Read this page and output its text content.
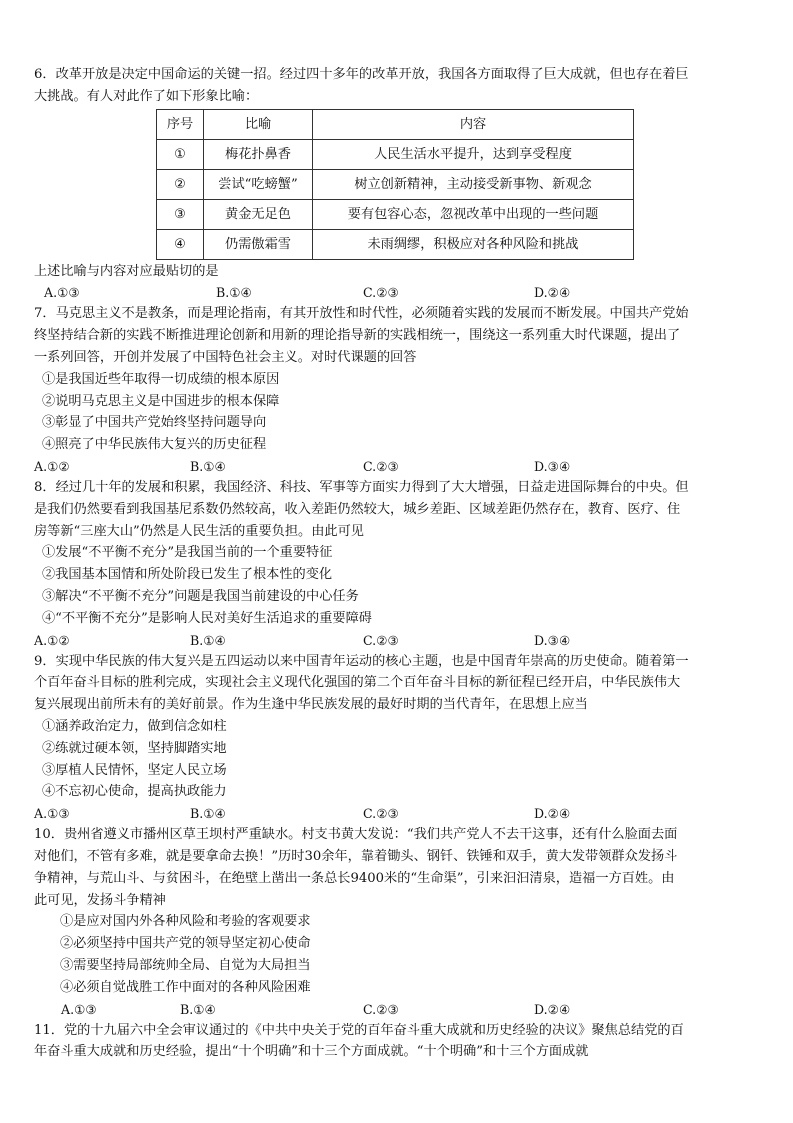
6．改革开放是决定中国命运的关键一招。经过四十多年的改革开放，我国各方面取得了巨大成就，但也存在着巨
大挑战。有人对此作了如下形象比喻：
序号	比喻	内容
①	梅花扑鼻香	人民生活水平提升，达到享受程度
②	尝试“吃螃蟹”	树立创新精神，主动接受新事物、新观念
③	黄金无足色	要有包容心态，忽视改革中出现的一些问题
④	仍需傲霜雪	未雨绸缪，积极应对各种风险和挑战
上述比喻与内容对应最贴切的是
A.①③	B.①④	C.②③	D.②④
7．马克思主义不是教条，而是理论指南，有其开放性和时代性，必须随着实践的发展而不断发展。中国共产党始
终坚持结合新的实践不断推进理论创新和用新的理论指导新的实践相统一，围绕这一系列重大时代课题，提出了
一系列回答，开创并发展了中国特色社会主义。对时代课题的回答
①是我国近些年取得一切成绩的根本原因
②说明马克思主义是中国进步的根本保障
③彰显了中国共产党始终坚持问题导向
④照亮了中华民族伟大复兴的历史征程
A.①②	B.①④	C.②③	D.③④
8．经过几十年的发展和积累，我国经济、科技、军事等方面实力得到了大大增强，日益走进国际舞台的中央。但
是我们仍然要看到我国基尼系数仍然较高，收入差距仍然较大，城乡差距、区域差距仍然存在，教育、医疗、住
房等新“三座大山”仍然是人民生活的重要负担。由此可见
①发展“不平衡不充分”是我国当前的一个重要特征
②我国基本国情和所处阶段已发生了根本性的变化
③解决“不平衡不充分”问题是我国当前建设的中心任务
④“不平衡不充分”是影响人民对美好生活追求的重要障碍
A.①②	B.①④	C.②③	D.③④
9．实现中华民族的伟大复兴是五四运动以来中国青年运动的核心主题，也是中国青年崇高的历史使命。随着第一
个百年奋斗目标的胜利完成，实现社会主义现代化强国的第二个百年奋斗目标的新征程已经开启，中华民族伟大
复兴展现出前所未有的美好前景。作为生逢中华民族发展的最好时期的当代青年，在思想上应当
①涵养政治定力，做到信念如柱
②练就过硬本领，坚持脚踏实地
③厚植人民情怀，坚定人民立场
④不忘初心使命，提高执政能力
A.①③	B.①④	C.②③	D.②④
10．贵州省遵义市播州区草王坝村严重缺水。村支书黄大发说：“我们共产党人不去干这事，还有什么脸面去面
对他们，不管有多难，就是要拿命去换！”历时30余年，靠着锄头、钢钎、铁锤和双手，黄大发带领群众发扬斗
争精神，与荒山斗、与贫困斗，在绝壁上凿出一条总长9400米的“生命渠”，引来汩汩清泉，造福一方百姓。由
此可见，发扬斗争精神
①是应对国内外各种风险和考验的客观要求
②必须坚持中国共产党的领导坚定初心使命
③需要坚持局部统帅全局、自觉为大局担当
④必须自觉战胜工作中面对的各种风险困难
A.①③	B.①④	C.②③	D.②④
11．党的十九届六中全会审议通过的《中共中央关于党的百年奋斗重大成就和历史经验的决议》聚焦总结党的百
年奋斗重大成就和历史经验，提出“十个明确”和十三个方面成就。“十个明确”和十三个方面成就
